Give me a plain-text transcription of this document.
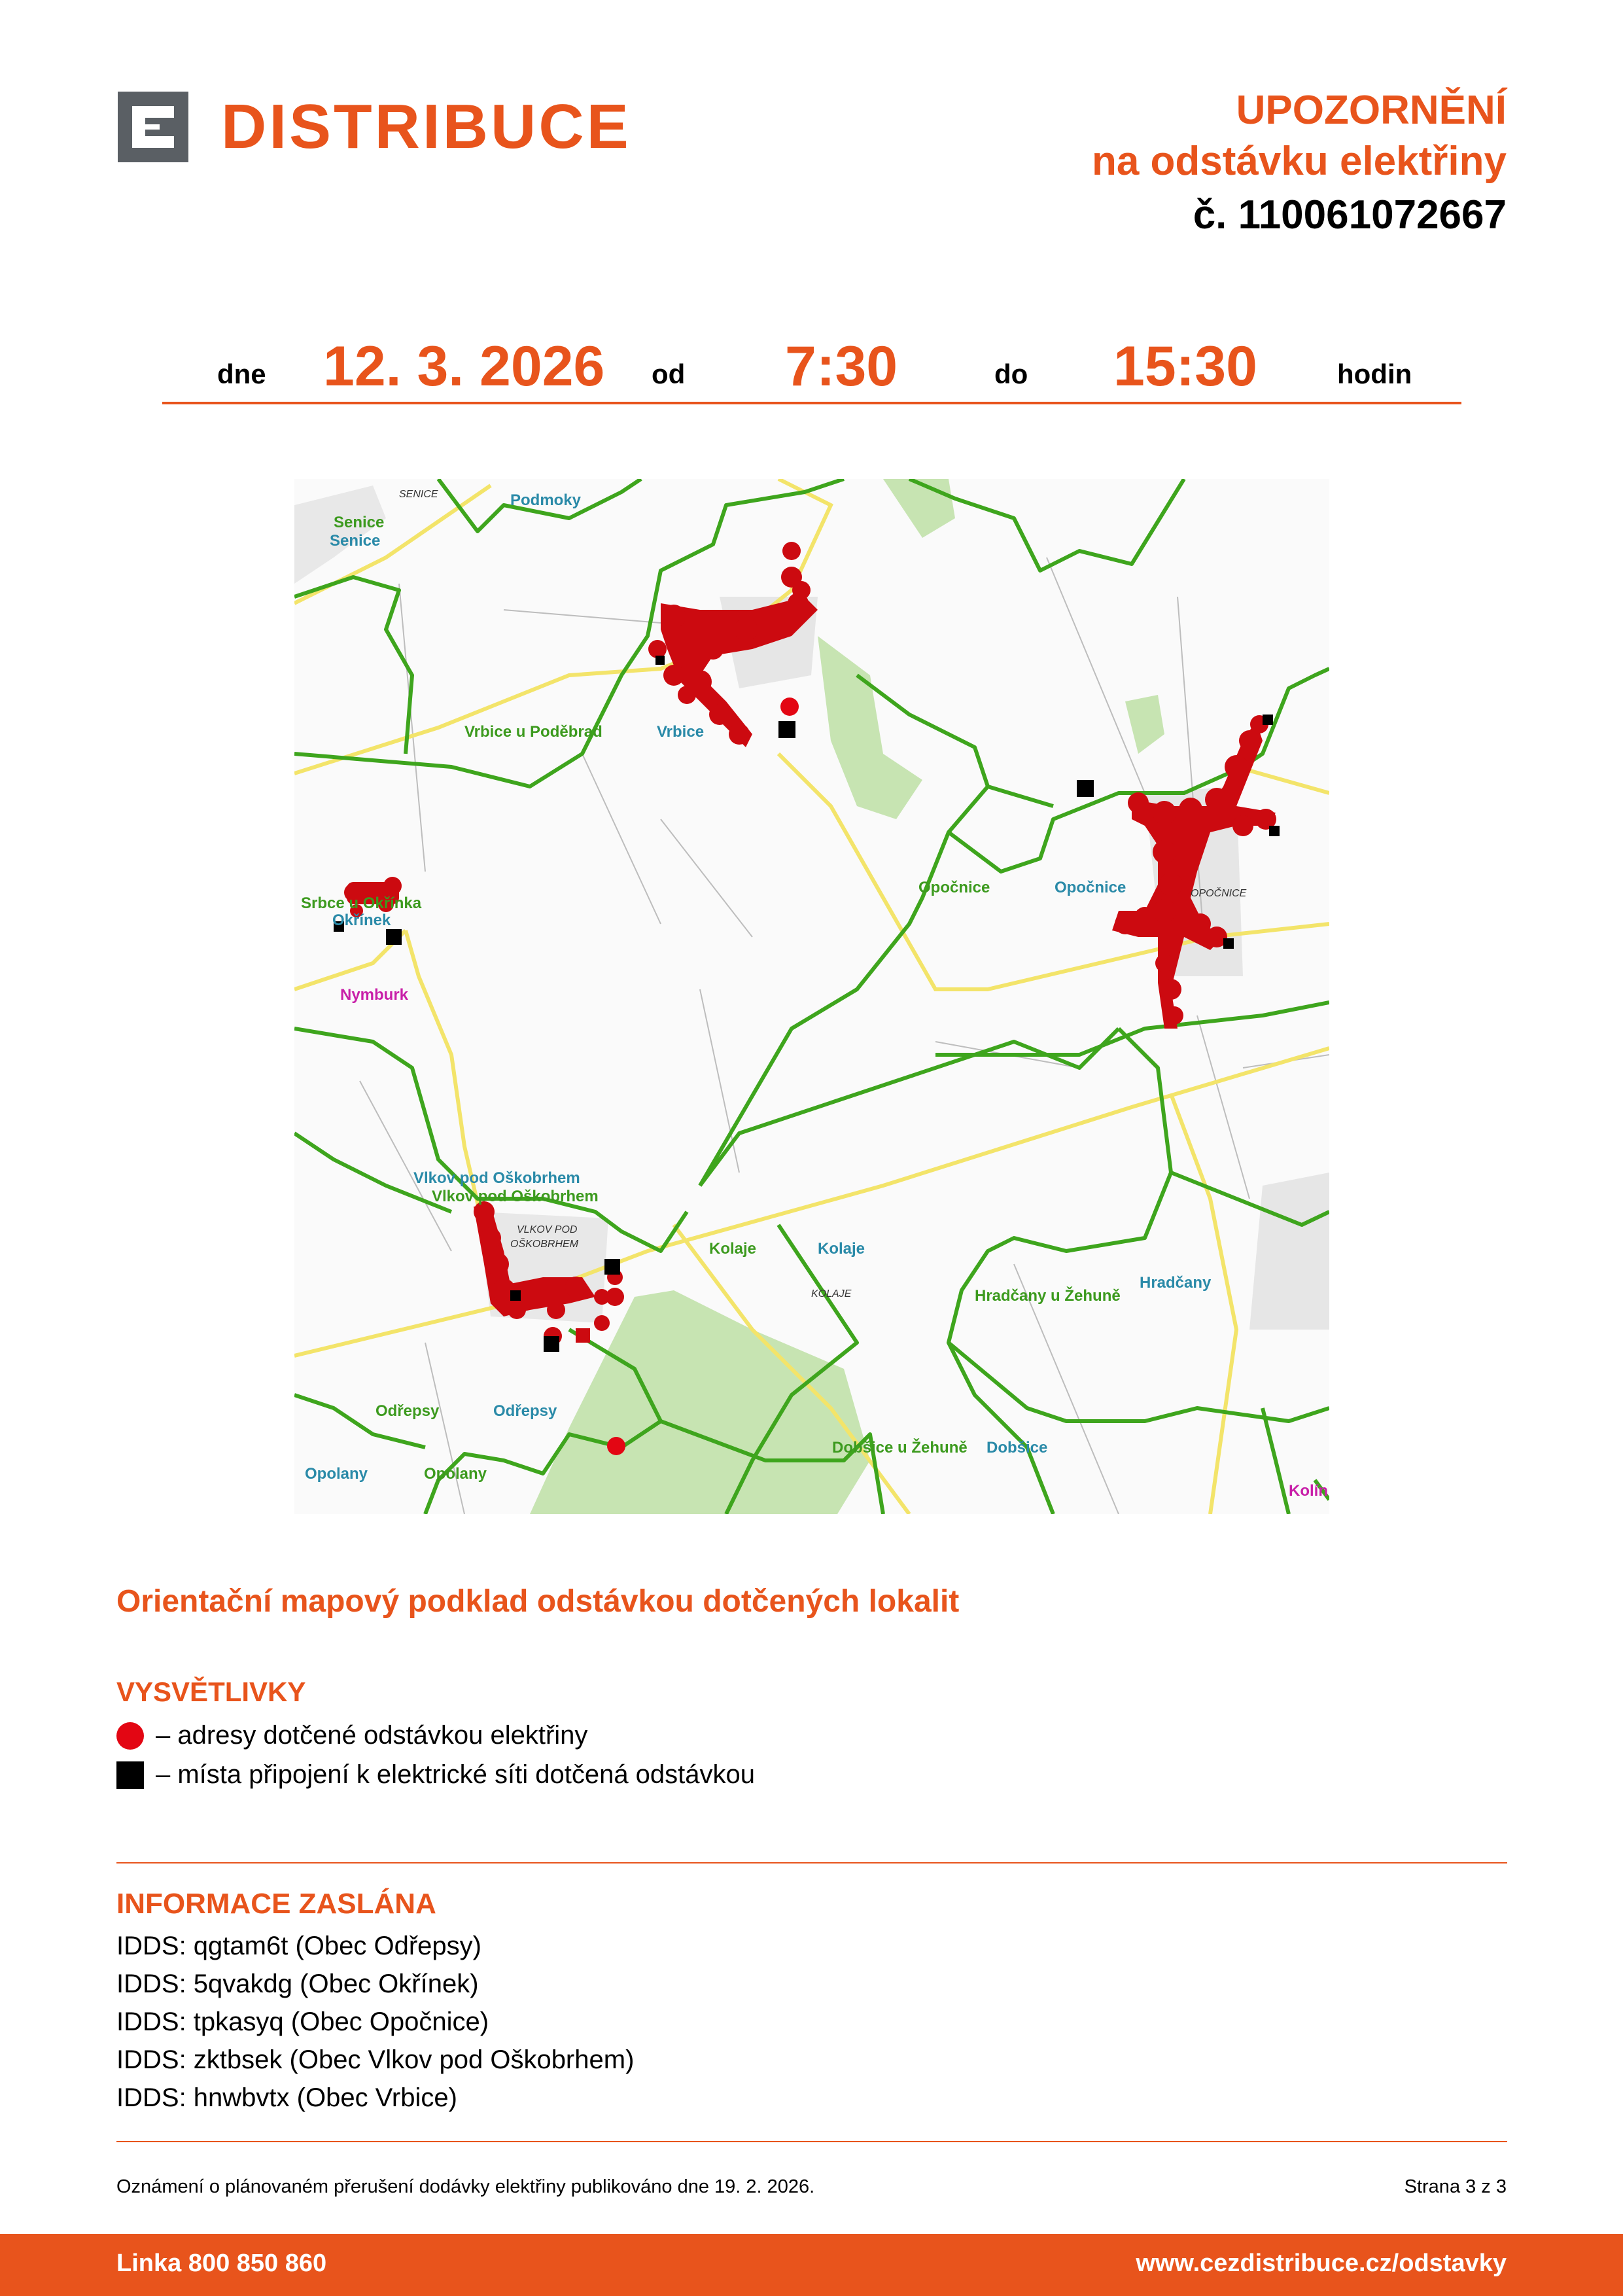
DISTRIBUCE	UPOZORNĚNÍ
na odstávku elektřiny
č. 110061072667
dne 12. 3. 2026 od 7:30	do 15:30	hodin
Podmoky
SENICE
Senice
Senice
Vrbice u Poděbrad	Vrbice
Srbce u Okřínka
Okřínek
Nymburk
Opočnice	Opočnice	OPOČNICE
Vlkov pod Oškobrhem
Vlkov pod Oškobrhem
VLKOV POD
OŠKOBRHEM	Kolaje	Kolaje
KOLAJE	Hradčany u Žehuně
Hradčany
Odřepsy	Odřepsy
Opolany	Opolany
Dobšice u Žehuně Dobšice
Kolín
Orientační mapový podklad odstávkou dotčených lokalit
VYSVĚTLIVKY
– adresy dotčené odstávkou elektřiny
– místa připojení k elektrické síti dotčená odstávkou
INFORMACE ZASLÁNA
IDDS: qgtam6t (Obec Odřepsy)
IDDS: 5qvakdg (Obec Okřínek)
IDDS: tpkasyq (Obec Opočnice)
IDDS: zktbsek (Obec Vlkov pod Oškobrhem)
IDDS: hnwbvtx (Obec Vrbice)
Oznámení o plánovaném přerušení dodávky elektřiny publikováno dne 19. 2. 2026.	Strana 3 z 3
Linka 800 850 860	www.cezdistribuce.cz/odstavky
